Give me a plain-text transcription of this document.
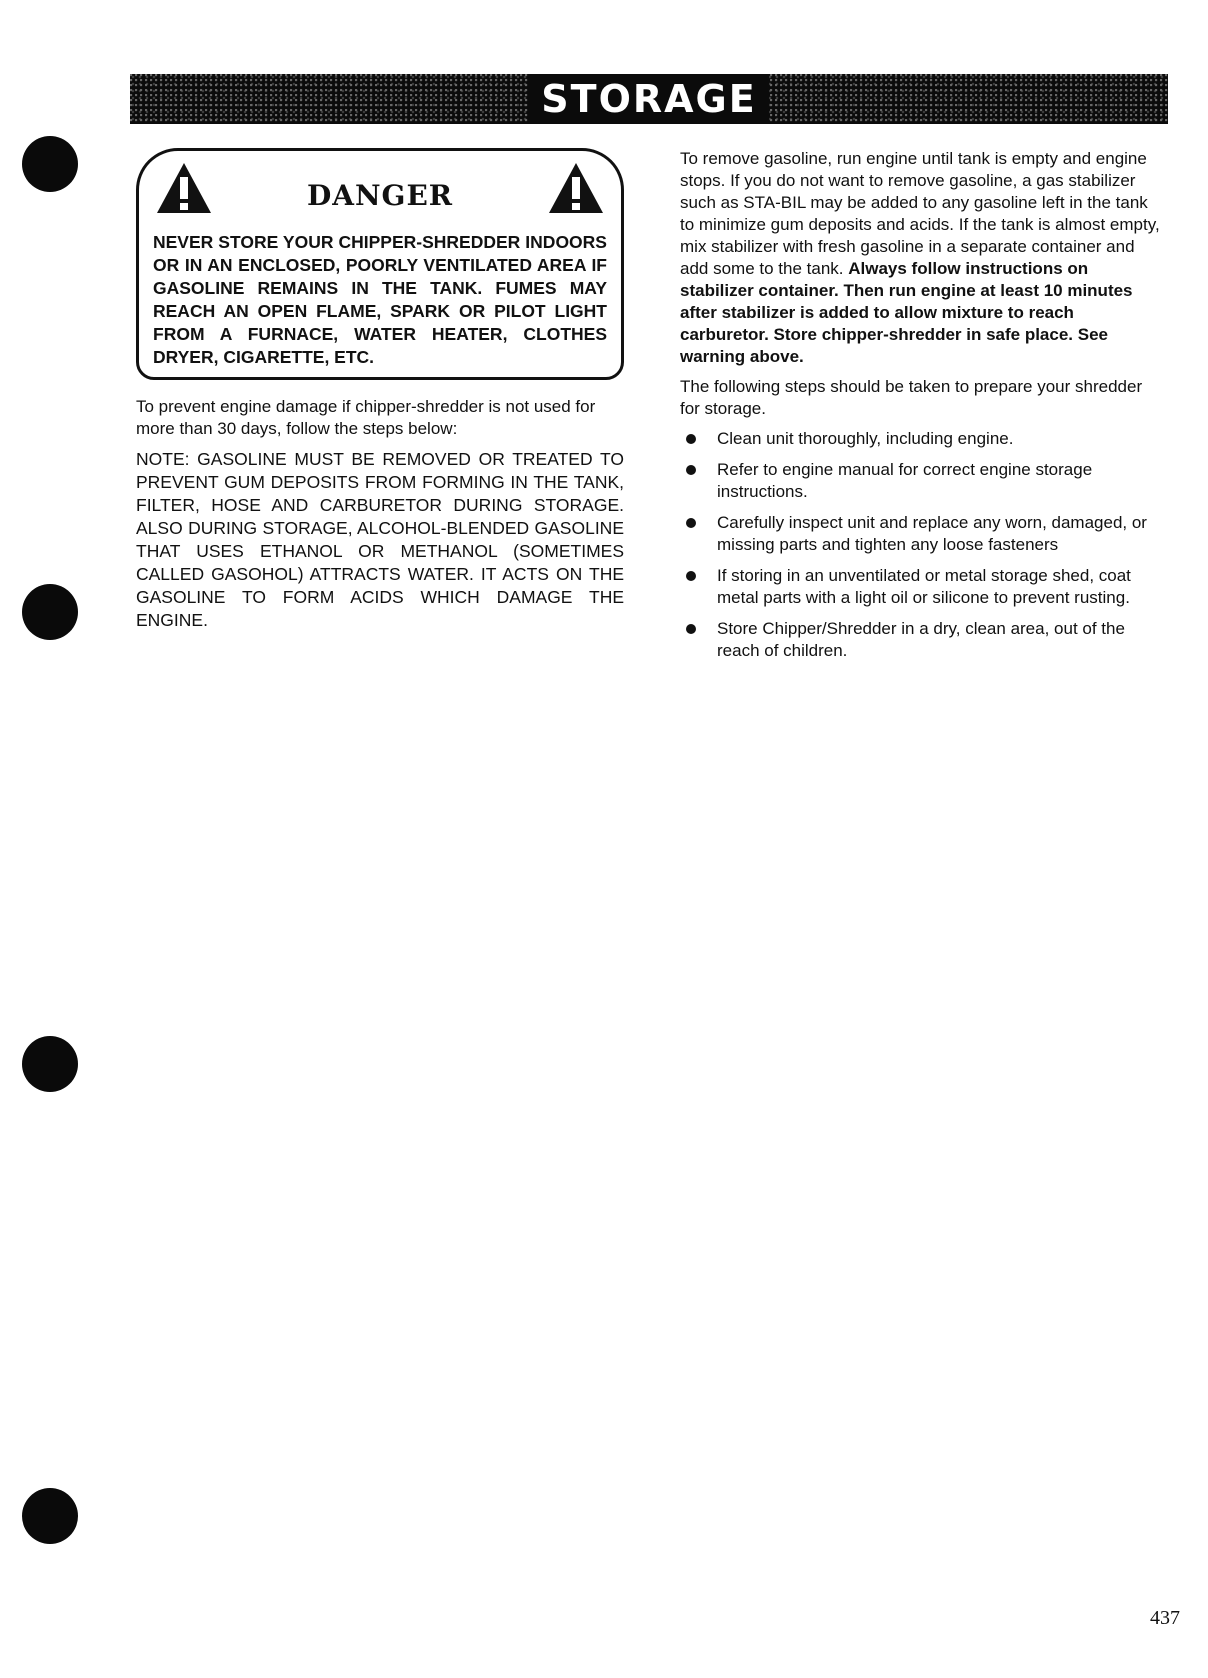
STORAGE
DANGER
NEVER STORE YOUR CHIPPER-SHREDDER INDOORS OR IN AN ENCLOSED, POORLY VENTILATED AREA IF GASOLINE REMAINS IN THE TANK. FUMES MAY REACH AN OPEN FLAME, SPARK OR PILOT LIGHT FROM A FURNACE, WATER HEATER, CLOTHES DRYER, CIGARETTE, ETC.

To prevent engine damage if chipper-shredder is not used for more than 30 days, follow the steps below:

NOTE: GASOLINE MUST BE REMOVED OR TREATED TO PREVENT GUM DEPOSITS FROM FORMING IN THE TANK, FILTER, HOSE AND CARBURETOR DURING STORAGE. ALSO DURING STORAGE, ALCOHOL-BLENDED GASOLINE THAT USES ETHANOL OR METHANOL (SOMETIMES CALLED GASOHOL) ATTRACTS WATER. IT ACTS ON THE GASOLINE TO FORM ACIDS WHICH DAMAGE THE ENGINE.

To remove gasoline, run engine until tank is empty and engine stops. If you do not want to remove gasoline, a gas stabilizer such as STA-BIL may be added to any gasoline left in the tank to minimize gum deposits and acids. If the tank is almost empty, mix stabilizer with fresh gasoline in a separate container and add some to the tank. Always follow instructions on stabilizer container. Then run engine at least 10 minutes after stabilizer is added to allow mixture to reach carburetor. Store chipper-shredder in safe place. See warning above.

The following steps should be taken to prepare your shredder for storage.

Clean unit thoroughly, including engine.
Refer to engine manual for correct engine storage instructions.
Carefully inspect unit and replace any worn, damaged, or missing parts and tighten any loose fasteners
If storing in an unventilated or metal storage shed, coat metal parts with a light oil or silicone to prevent rusting.
Store Chipper/Shredder in a dry, clean area, out of the reach of children.
437
